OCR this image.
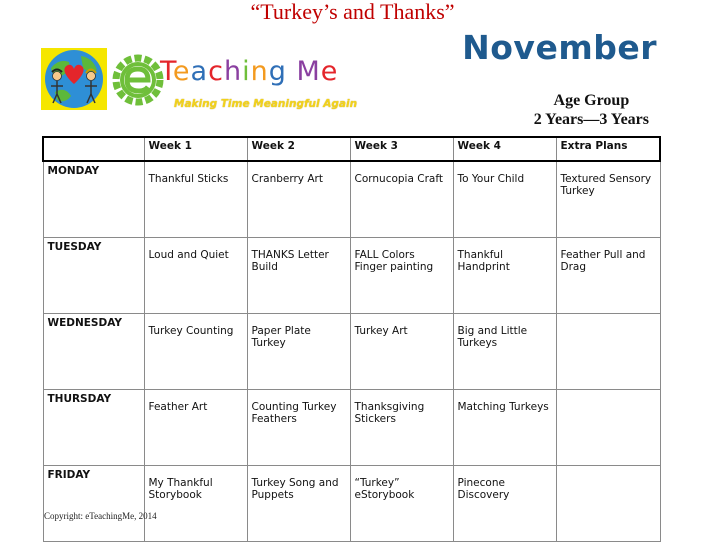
“Turkey’s and Thanks”
November
Age Group
2 Years—3 Years
Teaching Me
Making Time Meaningful Again
	Week 1	Week 2	Week 3	Week 4	Extra Plans
MONDAY	Thankful Sticks	Cranberry Art	Cornucopia Craft	To Your Child	Textured Sensory Turkey
TUESDAY	Loud and Quiet	THANKS Letter Build	FALL Colors Finger painting	Thankful Handprint	Feather Pull and Drag
WEDNESDAY	Turkey Counting	Paper Plate Turkey	Turkey Art	Big and Little Turkeys	
THURSDAY	Feather Art	Counting Turkey Feathers	Thanksgiving Stickers	Matching Turkeys	
FRIDAY	My Thankful Storybook	Turkey Song and Puppets	“Turkey” eStorybook	Pinecone Discovery	
Copyright: eTeachingMe, 2014
